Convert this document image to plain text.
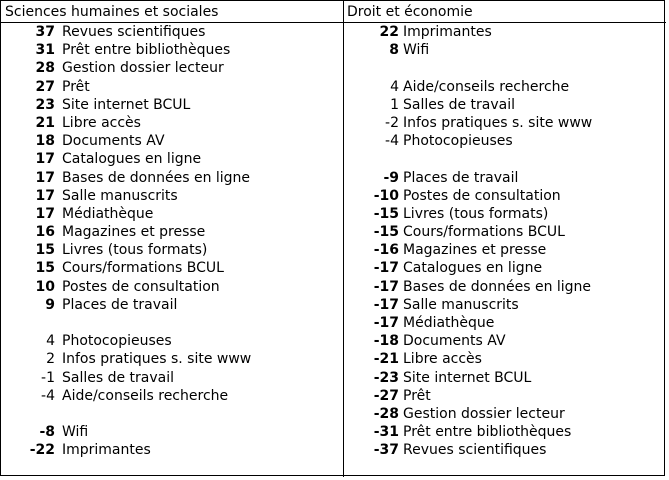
Sciences humaines et sociales	Droit et économie
37 Revues scientifiques
31 Prêt entre bibliothèques
28 Gestion dossier lecteur
27 Prêt
23 Site internet BCUL
21 Libre accès
18 Documents AV
17 Catalogues en ligne
17 Bases de données en ligne
17 Salle manuscrits
17 Médiathèque
16 Magazines et presse
15 Livres (tous formats)
15 Cours/formations BCUL
10 Postes de consultation
9 Places de travail
4 Photocopieuses
2 Infos pratiques s. site www
-1 Salles de travail
-4 Aide/conseils recherche
-8 Wifi
-22 Imprimantes
22 Imprimantes
8 Wifi
4 Aide/conseils recherche
1 Salles de travail
-2 Infos pratiques s. site www
-4 Photocopieuses
-9 Places de travail
-10 Postes de consultation
-15 Livres (tous formats)
-15 Cours/formations BCUL
-16 Magazines et presse
-17 Catalogues en ligne
-17 Bases de données en ligne
-17 Salle manuscrits
-17 Médiathèque
-18 Documents AV
-21 Libre accès
-23 Site internet BCUL
-27 Prêt
-28 Gestion dossier lecteur
-31 Prêt entre bibliothèques
-37 Revues scientifiques
